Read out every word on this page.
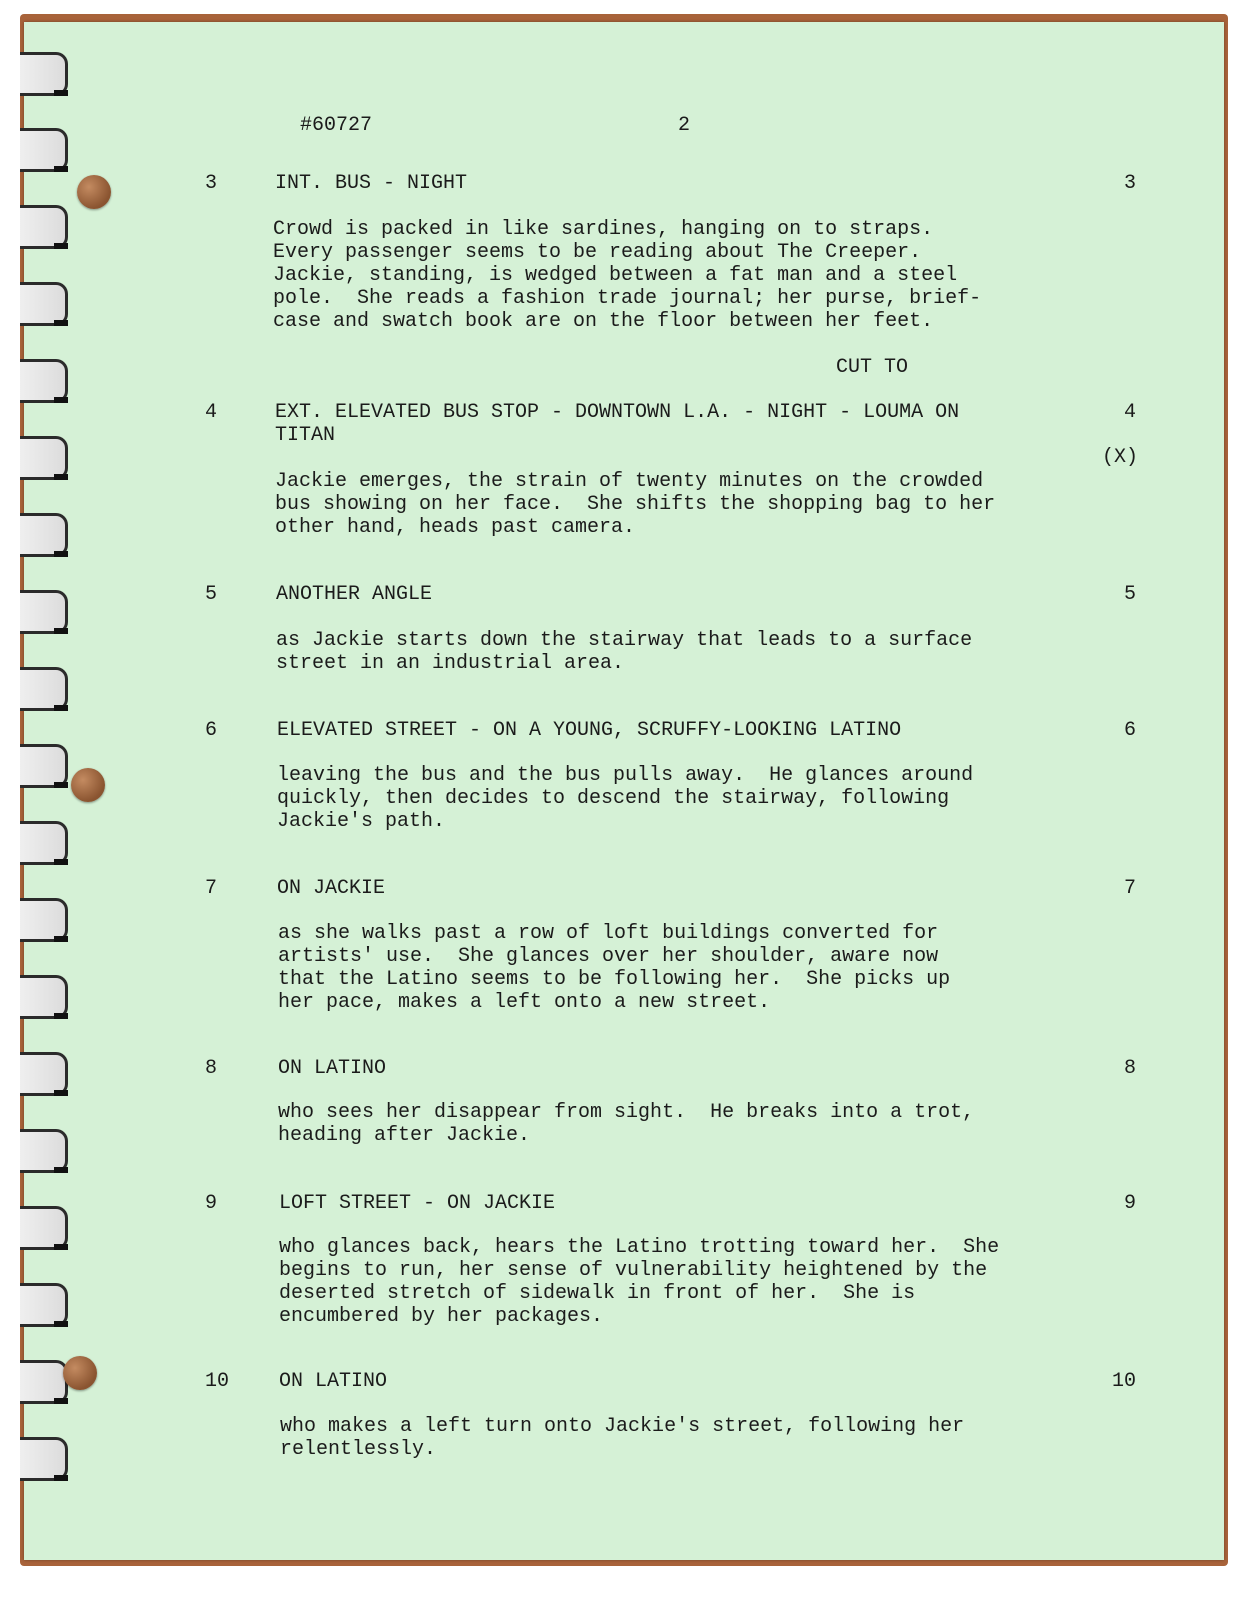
#60727	2
3	INT. BUS - NIGHT	3
Crowd is packed in like sardines, hanging on to straps.
Every passenger seems to be reading about The Creeper.
Jackie, standing, is wedged between a fat man and a steel
pole.  She reads a fashion trade journal; her purse, brief-
case and swatch book are on the floor between her feet.
CUT TO
4	EXT. ELEVATED BUS STOP - DOWNTOWN L.A. - NIGHT - LOUMA ON
TITAN
4
(X)
Jackie emerges, the strain of twenty minutes on the crowded
bus showing on her face.  She shifts the shopping bag to her
other hand, heads past camera.
5	ANOTHER ANGLE	5
as Jackie starts down the stairway that leads to a surface
street in an industrial area.
6	ELEVATED STREET - ON A YOUNG, SCRUFFY-LOOKING LATINO	6
leaving the bus and the bus pulls away.  He glances around
quickly, then decides to descend the stairway, following
Jackie's path.
7	ON JACKIE	7
as she walks past a row of loft buildings converted for
artists' use.  She glances over her shoulder, aware now
that the Latino seems to be following her.  She picks up
her pace, makes a left onto a new street.
8	ON LATINO	8
who sees her disappear from sight.  He breaks into a trot,
heading after Jackie.
9	LOFT STREET - ON JACKIE	9
who glances back, hears the Latino trotting toward her.  She
begins to run, her sense of vulnerability heightened by the
deserted stretch of sidewalk in front of her.  She is
encumbered by her packages.
10 ON LATINO	10
who makes a left turn onto Jackie's street, following her
relentlessly.
